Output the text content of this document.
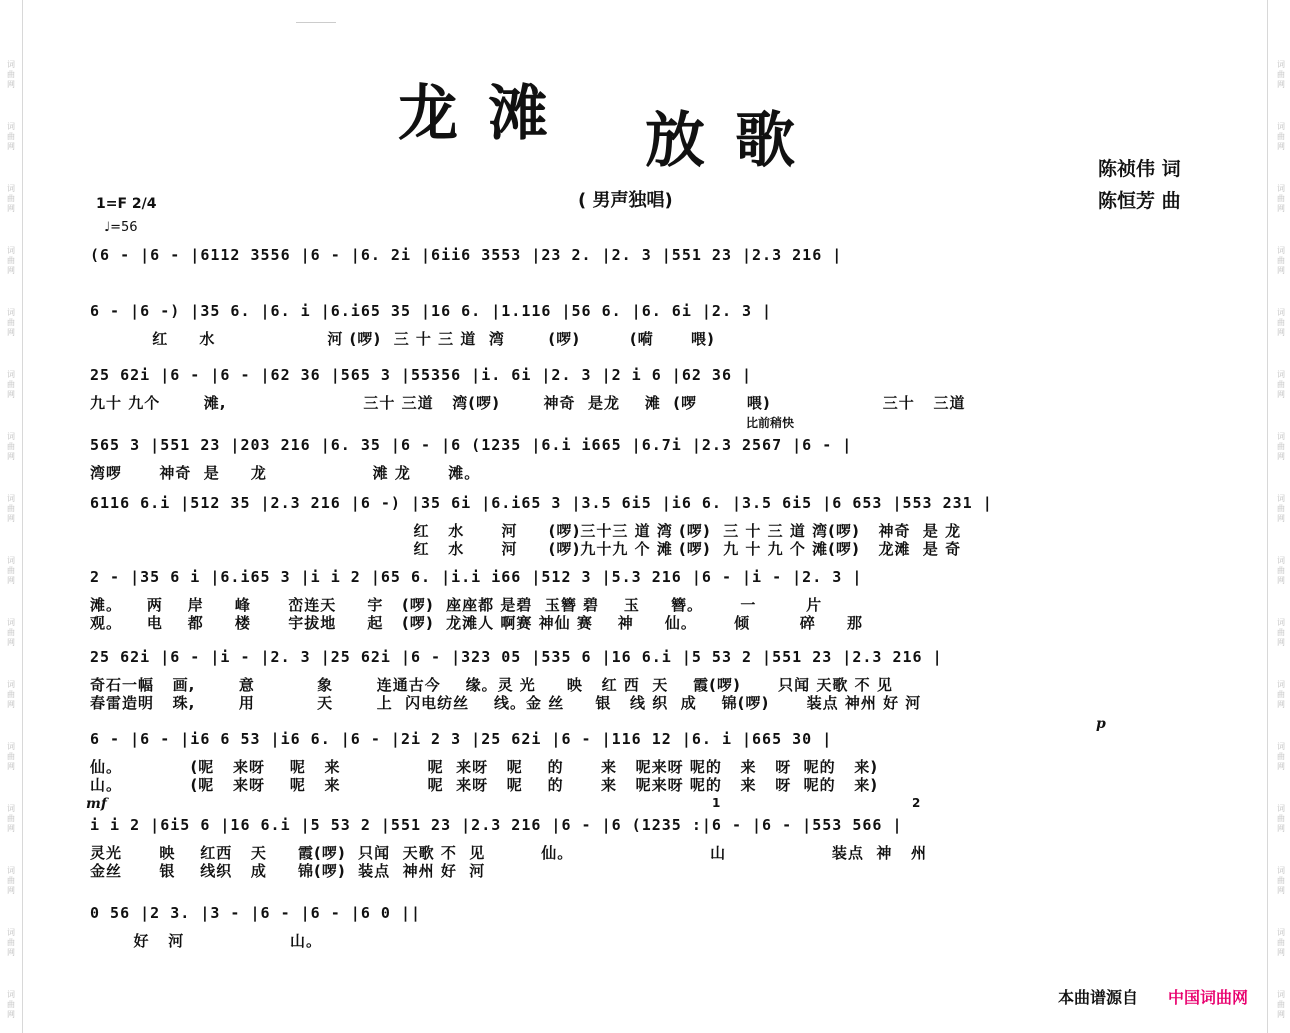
词曲网
词曲网
词曲网
词曲网
词曲网
词曲网
词曲网
词曲网
词曲网
词曲网
词曲网
词曲网
词曲网
词曲网
词曲网
词曲网
词曲网
词曲网
词曲网
词曲网
词曲网
词曲网
词曲网
词曲网
词曲网
词曲网
词曲网
词曲网
词曲网
词曲网
词曲网
词曲网
龙滩 放歌	陈祯伟 词
陈恒芳 曲
( 男声独唱)
1=F 2/4
♩=56
(6 - |6 - |6112 3556 |6 - |6. 2i |6ii6 3553 |23 2. |2. 3 |551 23 |2.3 216 |
6 - |6 -) |35 6. |6. i |6.i65 35 |16 6. |1.116 |56 6. |6. 6i |2. 3 |
红     水                  河 (啰)  三 十 三 道  湾       (啰)        (嗬      喂)
25 62i |6 - |6 - |62 36 |565 3 |55356 |i. 6i |2. 3 |2 i 6 |62 36 |
九十 九个       滩,                      三十 三道   湾(啰)       神奇  是龙    滩  (啰        喂)                  三十   三道
565 3 |551 23 |203 216 |6. 35 |6 - |6 (1235 |6.i i665 |6.7i |2.3 2567 |6 - |
湾啰      神奇  是     龙                 滩 龙      滩。
6116 6.i |512 35 |2.3 216 |6 -) |35 6i |6.i65 3 |3.5 6i5 |i6 6. |3.5 6i5 |6 653 |553 231 |
红   水      河     (啰)三十三 道 湾 (啰)  三 十 三 道 湾(啰)   神奇  是 龙
红   水      河     (啰)九十九 个 滩 (啰)  九 十 九 个 滩(啰)   龙滩  是 奇
2 - |35 6 i |6.i65 3 |i i 2 |65 6. |i.i i66 |512 3 |5.3 216 |6 - |i - |2. 3 |
滩。    两    岸     峰      峦连天     宇   (啰)  座座都 是碧  玉簪 碧    玉     簪。      一        片
观。    电    都     楼      宇拔地     起   (啰)  龙滩人 啊赛 神仙 赛    神     仙。      倾        碎     那
25 62i |6 - |i - |2. 3 |25 62i |6 - |323 05 |535 6 |16 6.i |5 53 2 |551 23 |2.3 216 |
奇石一幅   画,       意          象       连通古今    缘。灵 光     映   红 西  天    霞(啰)      只闻 天歌 不 见
春雷造明   珠,       用          天       上  闪电纺丝    线。金 丝     银   线 织  成    锦(啰)      装点 神州 好 河
6 - |6 - |i6 6 53 |i6 6. |6 - |2i 2 3 |25 62i |6 - |116 12 |6. i |665 30 |
仙。           (呢   来呀    呢   来              呢  来呀   呢    的      来   呢来呀 呢的   来   呀  呢的   来)
山。           (呢   来呀    呢   来              呢  来呀   呢    的      来   呢来呀 呢的   来   呀  呢的   来)
i i 2 |6i5 6 |16 6.i |5 53 2 |551 23 |2.3 216 |6 - |6 (1235 :|6 - |6 - |553 566 |
灵光      映    红西   天     霞(啰)  只闻  天歌 不  见         仙。                      山                 装点  神   州
金丝      银    线织   成     锦(啰)  装点  神州 好  河
0 56 |2 3. |3 - |6 - |6 - |6 0 ||
好   河                 山。
比前稍快
mf
p
1	2
本曲谱源自 中国词曲网
